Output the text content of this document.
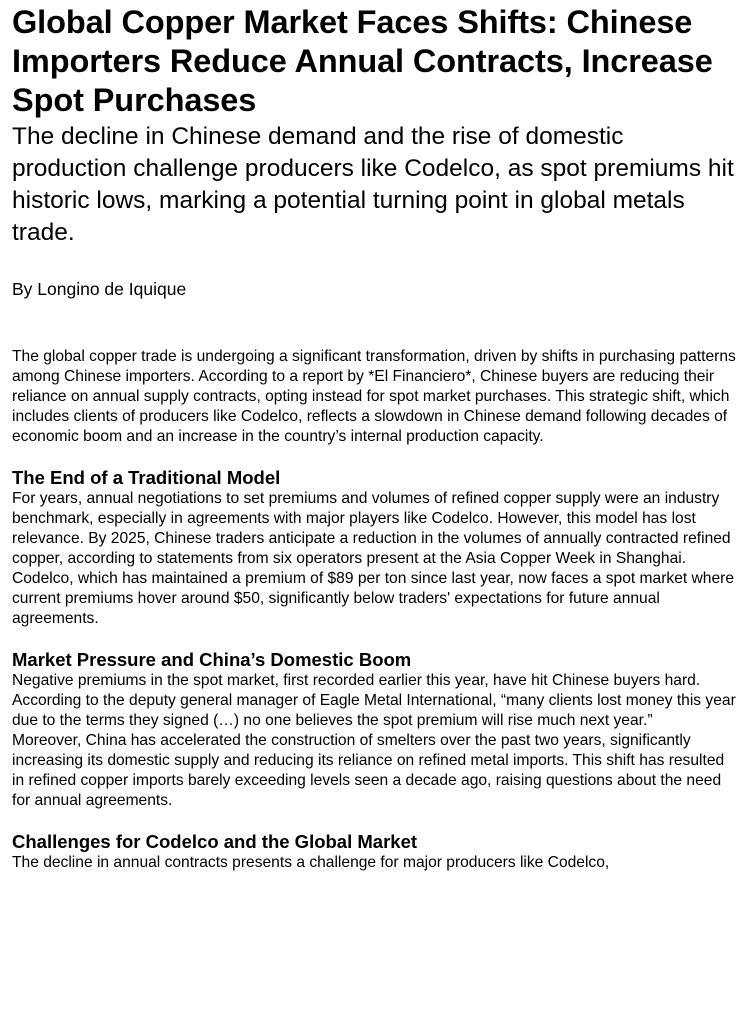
Global Copper Market Faces Shifts: Chinese Importers Reduce Annual Contracts, Increase Spot Purchases

The decline in Chinese demand and the rise of domestic production challenge producers like Codelco, as spot premiums hit historic lows, marking a potential turning point in global metals trade.

By Longino de Iquique

The global copper trade is undergoing a significant transformation, driven by shifts in purchasing patterns among Chinese importers. According to a report by *El Financiero*, Chinese buyers are reducing their reliance on annual supply contracts, opting instead for spot market purchases. This strategic shift, which includes clients of producers like Codelco, reflects a slowdown in Chinese demand following decades of economic boom and an increase in the country’s internal production capacity.

The End of a Traditional Model

For years, annual negotiations to set premiums and volumes of refined copper supply were an industry benchmark, especially in agreements with major players like Codelco. However, this model has lost relevance. By 2025, Chinese traders anticipate a reduction in the volumes of annually contracted refined copper, according to statements from six operators present at the Asia Copper Week in Shanghai.

Codelco, which has maintained a premium of $89 per ton since last year, now faces a spot market where current premiums hover around $50, significantly below traders' expectations for future annual agreements.

Market Pressure and China’s Domestic Boom

Negative premiums in the spot market, first recorded earlier this year, have hit Chinese buyers hard. According to the deputy general manager of Eagle Metal International, “many clients lost money this year due to the terms they signed (…) no one believes the spot premium will rise much next year.”

Moreover, China has accelerated the construction of smelters over the past two years, significantly increasing its domestic supply and reducing its reliance on refined metal imports. This shift has resulted in refined copper imports barely exceeding levels seen a decade ago, raising questions about the need for annual agreements.

Challenges for Codelco and the Global Market

The decline in annual contracts presents a challenge for major producers like Codelco,
